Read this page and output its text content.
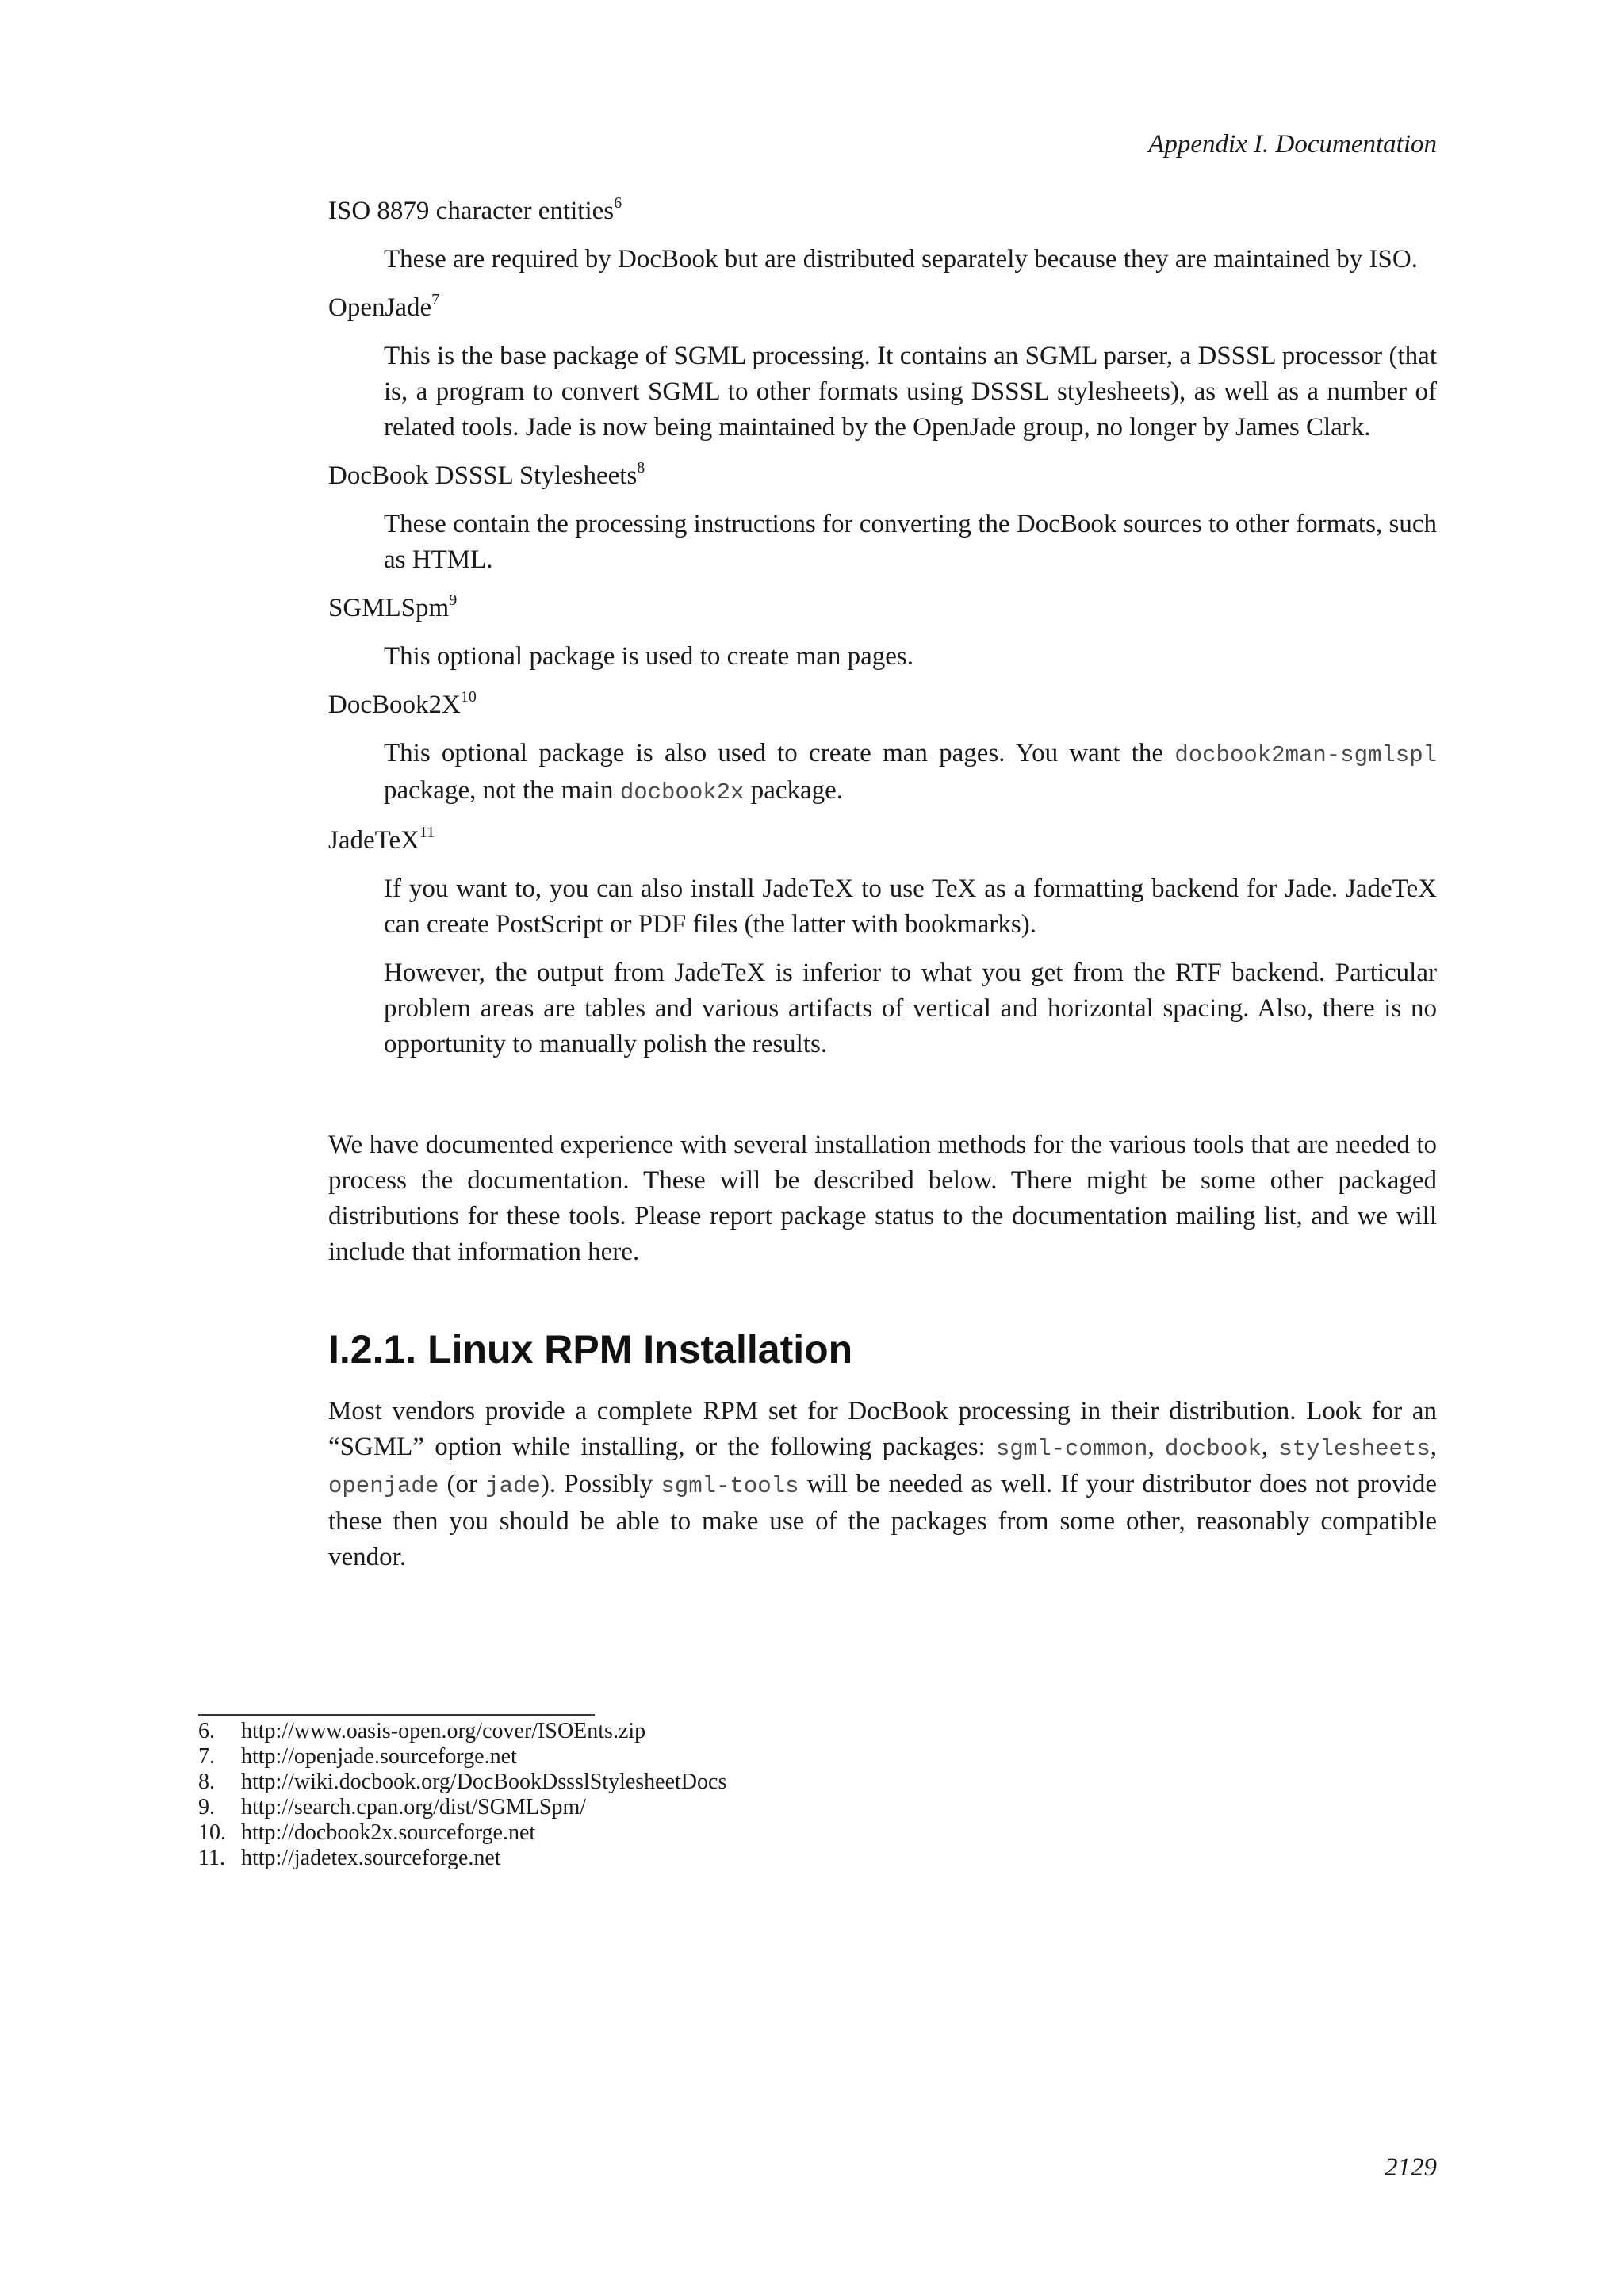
Appendix I. Documentation
ISO 8879 character entities$^6$

These are required by DocBook but are distributed separately because they are maintained by ISO.

OpenJade$^7$

This is the base package of SGML processing. It contains an SGML parser, a DSSSL processor (that is, a program to convert SGML to other formats using DSSSL stylesheets), as well as a number of related tools. Jade is now being maintained by the OpenJade group, no longer by James Clark.

DocBook DSSSL Stylesheets$^8$

These contain the processing instructions for converting the DocBook sources to other formats, such as HTML.

SGMLSpm$^9$

This optional package is used to create man pages.

$DocBook2X^{10}$

This optional package is also used to create man pages. You want the docbook2man-sgmlspl package, not the main docbook2x package.

JadeTeX$^{11}$

If you want to, you can also install JadeTeX to use TeX as a formatting backend for Jade. JadeTeX can create PostScript or PDF files (the latter with bookmarks).

However, the output from JadeTeX is inferior to what you get from the RTF backend. Particular problem areas are tables and various artifacts of vertical and horizontal spacing. Also, there is no opportunity to manually polish the results.

We have documented experience with several installation methods for the various tools that are needed to process the documentation. These will be described below. There might be some other packaged distributions for these tools. Please report package status to the documentation mailing list, and we will include that information here.

I.2.1. Linux RPM Installation

Most vendors provide a complete RPM set for DocBook processing in their distribution. Look for an “SGML” option while installing, or the following packages: sgml-common, docbook, stylesheets, openjade (or jade). Possibly sgml-tools will be needed as well. If your distributor does not provide these then you should be able to make use of the packages from some other, reasonably compatible vendor.

6.	http://www.oasis-open.org/cover/ISOEnts.zip
7.	http://openjade.sourceforge.net
8.	http://wiki.docbook.org/DocBookDssslStylesheetDocs
9.	http://search.cpan.org/dist/SGMLSpm/
10. http://docbook2x.sourceforge.net
11. http://jadetex.sourceforge.net
2129
